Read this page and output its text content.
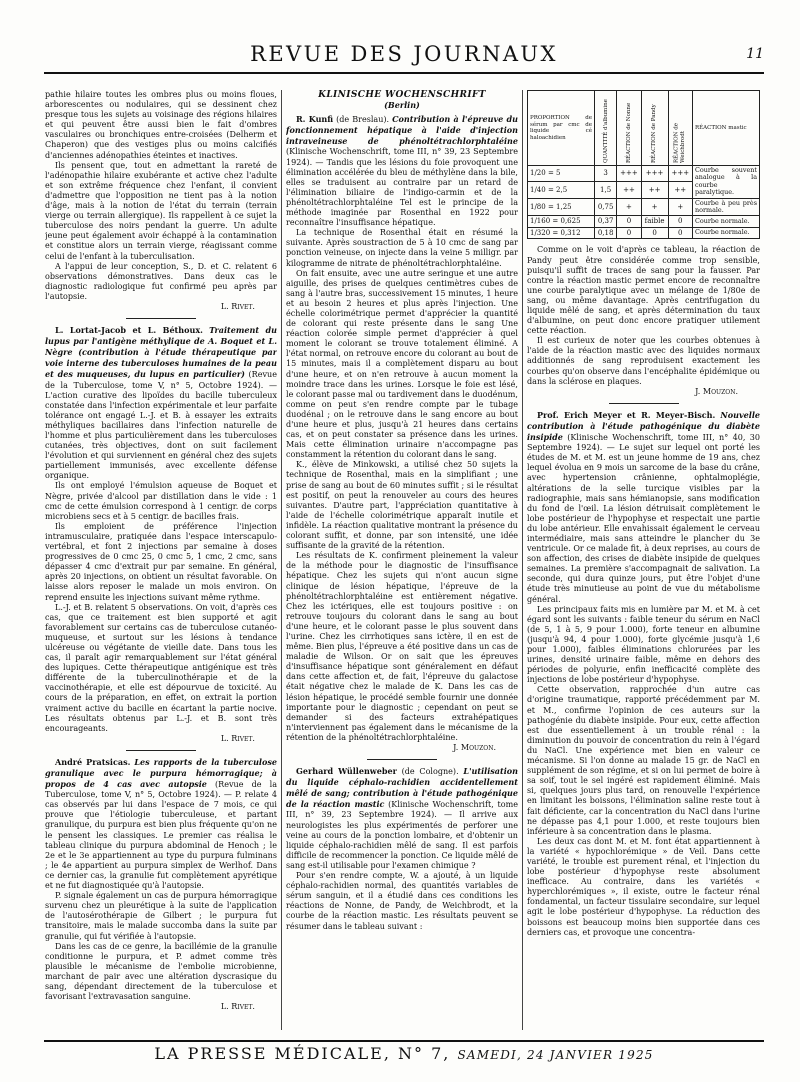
REVUE DES JOURNAUX	11

pathie hilaire toutes les ombres plus ou moins floues, arborescentes ou nodulaires, qui se dessinent chez presque tous les sujets au voisinage des régions hilaires et qui peuvent être aussi bien le fait d'ombres vasculaires ou bronchiques entre-croisées (Delherm et Chaperon) que des vestiges plus ou moins calcifiés d'anciennes adénopathies éteintes et inactives.

Ils pensent que, tout en admettant la rareté de l'adénopathie hilaire exubérante et active chez l'adulte et son extrême fréquence chez l'enfant, il convient d'admettre que l'opposition ne tient pas à la notion d'âge, mais à la notion de l'état du terrain (terrain vierge ou terrain allergique). Ils rappellent à ce sujet la tuberculose des noirs pendant la guerre. Un adulte jeune peut également avoir échappé à la contamination et constitue alors un terrain vierge, réagissant comme celui de l'enfant à la tuberculisation.

A l'appui de leur conception, S., D. et C. relatent 6 observations démonstratives. Dans deux cas le diagnostic radiologique fut confirmé peu après par l'autopsie.

L. Rivet.

L. Lortat-Jacob et L. Béthoux. Traitement du lupus par l'antigène méthylique de A. Boquet et L. Nègre (contribution à l'étude thérapeutique par voie interne des tuberculoses humaines de la peau et des muqueuses, du lupus en particulier) (Revue de la Tuberculose, tome V, n° 5, Octobre 1924). — L'action curative des lipoïdes du bacille tuberculeux constatée dans l'infection expérimentale et leur parfaite tolérance ont engagé L.-J. et B. à essayer les extraits méthyliques bacillaires dans l'infection naturelle de l'homme et plus particulièrement dans les tuberculoses cutanées, très objectives, dont on suit facilement l'évolution et qui surviennent en général chez des sujets partiellement immunisés, avec excellente défense organique.

Ils ont employé l'émulsion aqueuse de Boquet et Nègre, privée d'alcool par distillation dans le vide : 1 cmc de cette émulsion correspond à 1 centigr. de corps microbiens secs et à 5 centigr. de bacilles frais.

Ils emploient de préférence l'injection intramusculaire, pratiquée dans l'espace interscapulo-vertébral, et font 2 injections par semaine à doses progressives de 0 cmc 25, 0 cmc 5, 1 cmc, 2 cmc, sans dépasser 4 cmc d'extrait pur par semaine. En général, après 20 injections, on obtient un résultat favorable. On laisse alors reposer le malade un mois environ. On reprend ensuite les injections suivant même rythme.

L.-J. et B. relatent 5 observations. On voit, d'après ces cas, que ce traitement est bien supporté et agit favorablement sur certains cas de tuberculose cutanéo-muqueuse, et surtout sur les lésions à tendance ulcéreuse ou végétante de vieille date. Dans tous les cas, il paraît agir remarquablement sur l'état général des lupiques. Cette thérapeutique antigénique est très différente de la tuberculinothérapie et de la vaccinothérapie, et elle est dépourvue de toxicité. Au cours de la préparation, en effet, on extrait la portion vraiment active du bacille en écartant la partie nocive. Les résultats obtenus par L.-J. et B. sont très encourageants.

L. Rivet.

André Pratsicas. Les rapports de la tuberculose granulique avec le purpura hémorragique; à propos de 4 cas avec autopsie (Revue de la Tuberculose, tome V, n° 5, Octobre 1924). — P. relate 4 cas observés par lui dans l'espace de 7 mois, ce qui prouve que l'étiologie tuberculeuse, et partant granulique, du purpura est bien plus fréquente qu'on ne le pensent les classiques. Le premier cas réalisa le tableau clinique du purpura abdominal de Henoch ; le 2e et le 3e appartiennent au type du purpura fulminans ; le 4e appartient au purpura simplex de Werlhof. Dans ce dernier cas, la granulie fut complètement apyrétique et ne fut diagnostiquée qu'à l'autopsie.

P. signale également un cas de purpura hémorragique survenu chez un pleurétique à la suite de l'application de l'autosérothérapie de Gilbert ; le purpura fut transitoire, mais le malade succomba dans la suite par granulie, qui fut vérifiée à l'autopsie.

Dans les cas de ce genre, la bacillémie de la granulie conditionne le purpura, et P. admet comme très plausible le mécanisme de l'embolie microbienne, marchant de pair avec une altération dyscrasique du sang, dépendant directement de la tuberculose et favorisant l'extravasation sanguine.

L. Rivet.

KLINISCHE WOCHENSCHRIFT

(Berlin)

R. Kunfi (de Breslau). Contribution à l'épreuve du fonctionnement hépatique à l'aide d'injection intraveineuse de phénoltétrachlorphtaléine (Klinische Wochenschrift, tome III, n° 39, 23 Septembre 1924). — Tandis que les lésions du foie provoquent une élimination accélérée du bleu de méthylène dans la bile, elles se traduisent au contraire par un retard de l'élimination biliaire de l'indigo-carmin et de la phénoltétrachlorphtaléine Tel est le principe de la méthode imaginée par Rosenthal en 1922 pour reconnaître l'insuffisance hépatique.

La technique de Rosenthal était en résumé la suivante. Après soustraction de 5 à 10 cmc de sang par ponction veineuse, on injecte dans la veine 5 milligr. par kilogramme de nitrate de phénoltétrachlorphtaléine.

On fait ensuite, avec une autre seringue et une autre aiguille, des prises de quelques centimètres cubes de sang à l'autre bras, successivement 15 minutes, 1 heure et au besoin 2 heures et plus après l'injection. Une échelle colorimétrique permet d'apprécier la quantité de colorant qui reste présente dans le sang Une réaction colorée simple permet d'apprécier à quel moment le colorant se trouve totalement éliminé. A l'état normal, on retrouve encore du colorant au bout de 15 minutes, mais il a complètement disparu au bout d'une heure, et on n'en retrouve à aucun moment la moindre trace dans les urines. Lorsque le foie est lésé, le colorant passe mal ou tardivement dans le duodénum, comme on peut s'en rendre compte par le tubage duodénal ; on le retrouve dans le sang encore au bout d'une heure et plus, jusqu'à 21 heures dans certains cas, et on peut constater sa présence dans les urines. Mais cette élimination urinaire n'accompagne pas constamment la rétention du colorant dans le sang.

K., élève de Minkowski, a utilisé chez 50 sujets la technique de Rosenthal, mais en la simplifiant ; une prise de sang au bout de 60 minutes suffit ; si le résultat est positif, on peut la renouveler au cours des heures suivantes. D'autre part, l'appréciation quantitative à l'aide de l'échelle colorimétrique apparaît inutile et infidèle. La réaction qualitative montrant la présence du colorant suffit, et donne, par son intensité, une idée suffisante de la gravité de la rétention.

Les résultats de K. confirment pleinement la valeur de la méthode pour le diagnostic de l'insuffisance hépatique. Chez les sujets qui n'ont aucun signe clinique de lésion hépatique, l'épreuve de la phénoltétrachlorphtaléine est entièrement négative. Chez les ictériques, elle est toujours positive : on retrouve toujours du colorant dans le sang au bout d'une heure, et le colorant passe le plus souvent dans l'urine. Chez les cirrhotiques sans ictère, il en est de même. Bien plus, l'épreuve a été positive dans un cas de maladie de Wilson. Or on sait que les épreuves d'insuffisance hépatique sont généralement en défaut dans cette affection et, de fait, l'épreuve du galactose était négative chez le malade de K. Dans les cas de lésion hépatique, le procédé semble fournir une donnée importante pour le diagnostic ; cependant on peut se demander si des facteurs extrahépatiques n'interviennent pas également dans le mécanisme de la rétention de la phénoltétrachlorphtaléine.

J. Mouzon.

Gerhard Wüllenweber (de Cologne). L'utilisation du liquide céphalo-rachidien accidentellement mêlé de sang; contribution à l'étude pathogénique de la réaction mastic (Klinische Wochenschrift, tome III, n° 39, 23 Septembre 1924). — Il arrive aux neurologistes les plus expérimentés de perforer une veine au cours de la ponction lombaire, et d'obtenir un liquide céphalo-rachidien mêlé de sang. Il est parfois difficile de recommencer la ponction. Ce liquide mêlé de sang est-il utilisable pour l'examen chimique ?

Pour s'en rendre compte, W. a ajouté, à un liquide céphalo-rachidien normal, des quantités variables de sérum sanguin, et il a étudié dans ces conditions les réactions de Nonne, de Pandy, de Weichbrodt, et la courbe de la réaction mastic. Les résultats peuvent se résumer dans le tableau suivant :

PROPORTION de sérum par cmc de liquide cé haloachidien	QUANTITÉ d'albumine	RÉACTION de Nonne	RÉACTION de Pandy	RÉACTION de Weichbrodt	RÉACTION mastic
1/20 = 5	3	+++	+++	+++	Courbe souvent analogue à la courbe paralytique.
1/40 = 2,5	1,5	++	++	++	
1/80 = 1,25	0,75	+	+	+	Courbe à peu près normale.
1/160 = 0,625	0,37	0	faible	0	Courbe normale.
1/320 = 0,312	0,18	0	0	0	Courbe normale.

Comme on le voit d'après ce tableau, la réaction de Pandy peut être considérée comme trop sensible, puisqu'il suffit de traces de sang pour la fausser. Par contre la réaction mastic permet encore de reconnaître une courbe paralytique avec un mélange de 1/80e de sang, ou même davantage. Après centrifugation du liquide mêlé de sang, et après détermination du taux d'albumine, on peut donc encore pratiquer utilement cette réaction.

Il est curieux de noter que les courbes obtenues à l'aide de la réaction mastic avec des liquides normaux additionnés de sang reproduisent exactement les courbes qu'on observe dans l'encéphalite épidémique ou dans la sclérose en plaques.

J. Mouzon.

Prof. Erich Meyer et R. Meyer-Bisch. Nouvelle contribution à l'étude pathogénique du diabète insipide (Klinische Wochenschrift, tome III, n° 40, 30 Septembre 1924). — Le sujet sur lequel ont porté les études de M. et M. est un jeune homme de 19 ans, chez lequel évolua en 9 mois un sarcome de la base du crâne, avec hypertension crânienne, ophtalmoplégie, altérations de la selle turcique visibles par la radiographie, mais sans hémianopsie, sans modification du fond de l'œil. La lésion détruisait complètement le lobe postérieur de l'hypophyse et respectait une partie du lobe antérieur. Elle envahissait également le cerveau intermédiaire, mais sans atteindre le plancher du 3e ventricule. Or ce malade fit, à deux reprises, au cours de son affection, des crises de diabète insipide de quelques semaines. La première s'accompagnait de salivation. La seconde, qui dura quinze jours, put être l'objet d'une étude très minutieuse au point de vue du métabolisme général.

Les principaux faits mis en lumière par M. et M. à cet égard sont les suivants : faible teneur du sérum en NaCl (de 5, 1 à 5, 9 pour 1.000), forte teneur en albumine (jusqu'à 94, 4 pour 1.000), forte glycémie jusqu'à 1,6 pour 1.000), faibles éliminations chlorurées par les urines, densité urinaire faible, même en dehors des périodes de polyurie, enfin inefficacité complète des injections de lobe postérieur d'hypophyse.

Cette observation, rapprochée d'un autre cas d'origine traumatique, rapporté précédemment par M. et M., confirme l'opinion de ces auteurs sur la pathogénie du diabète insipide. Pour eux, cette affection est due essentiellement à un trouble rénal : la diminution du pouvoir de concentration du rein à l'égard du NaCl. Une expérience met bien en valeur ce mécanisme. Si l'on donne au malade 15 gr. de NaCl en supplément de son régime, et si on lui permet de boire à sa soif, tout le sel ingéré est rapidement éliminé. Mais si, quelques jours plus tard, on renouvelle l'expérience en limitant les boissons, l'élimination saline reste tout à fait déficiente, car la concentration du NaCl dans l'urine ne dépasse pas 4,1 pour 1.000, et reste toujours bien inférieure à sa concentration dans le plasma.

Les deux cas dont M. et M. font état appartiennent à la variété « hypochlorémique » de Veil. Dans cette variété, le trouble est purement rénal, et l'injection du lobe postérieur d'hypophyse reste absolument inefficace. Au contraire, dans les variétés « hyperchlorémiques », il existe, outre le facteur rénal fondamental, un facteur tissulaire secondaire, sur lequel agit le lobe postérieur d'hypophyse. La réduction des boissons est beaucoup moins bien supportée dans ces derniers cas, et provoque une concentra-

LA PRESSE MÉDICALE, N° 7, SAMEDI, 24 JANVIER 1925
